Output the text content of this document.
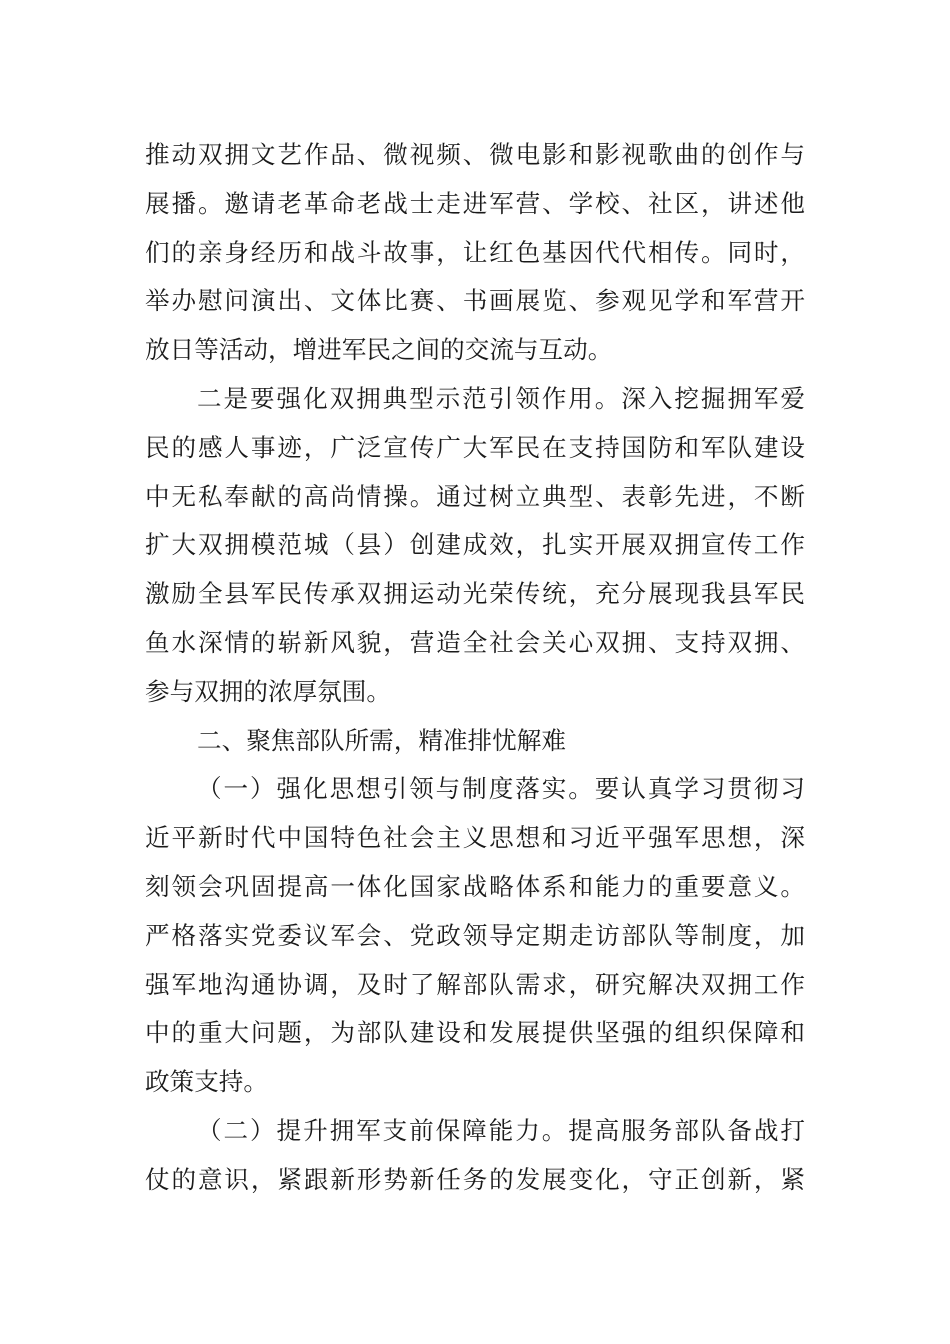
推动双拥文艺作品、微视频、微电影和影视歌曲的创作与
展播。邀请老革命老战士走进军营、学校、社区，讲述他
们的亲身经历和战斗故事，让红色基因代代相传。同时，
举办慰问演出、文体比赛、书画展览、参观见学和军营开
放日等活动，增进军民之间的交流与互动。
二是要强化双拥典型示范引领作用。深入挖掘拥军爱
民的感人事迹，广泛宣传广大军民在支持国防和军队建设
中无私奉献的高尚情操。通过树立典型、表彰先进，不断
扩大双拥模范城（县）创建成效，扎实开展双拥宣传工作
激励全县军民传承双拥运动光荣传统，充分展现我县军民
鱼水深情的崭新风貌，营造全社会关心双拥、支持双拥、
参与双拥的浓厚氛围。
二、聚焦部队所需，精准排忧解难
（一）强化思想引领与制度落实。要认真学习贯彻习
近平新时代中国特色社会主义思想和习近平强军思想，深
刻领会巩固提高一体化国家战略体系和能力的重要意义。
严格落实党委议军会、党政领导定期走访部队等制度，加
强军地沟通协调，及时了解部队需求，研究解决双拥工作
中的重大问题，为部队建设和发展提供坚强的组织保障和
政策支持。
（二）提升拥军支前保障能力。提高服务部队备战打
仗的意识，紧跟新形势新任务的发展变化，守正创新，紧
